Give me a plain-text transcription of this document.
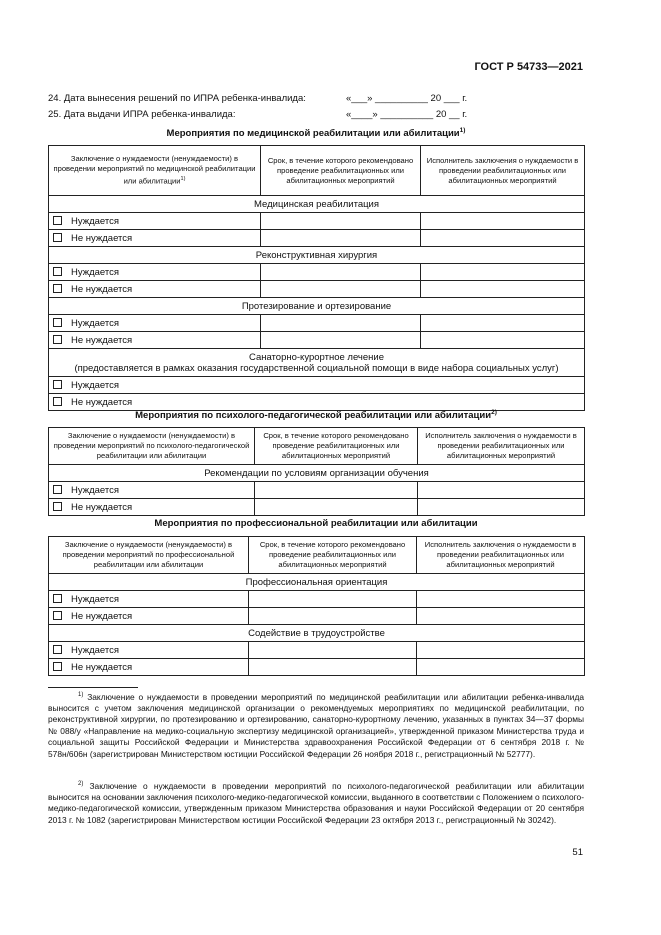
ГОСТ Р 54733—2021
24. Дата вынесения решений по ИПРА ребенка-инвалида:	«___» __________ 20 ___ г.
25. Дата выдачи ИПРА ребенка-инвалида:	«____» __________ 20 __ г.
Мероприятия по медицинской реабилитации или абилитации$^{1)}$
Заключение о нуждаемости (ненуждаемости) в проведении мероприятий по медицинской реабилитации или абилитации$^{1)}$	Срок, в течение которого рекомендовано проведение реабилитационных или абилитационных мероприятий	Исполнитель заключения о нуждаемости в проведении реабилитационных или абилитационных мероприятий
Медицинская реабилитация		
Нуждается		
Не нуждается		
Реконструктивная хирургия		
Нуждается		
Не нуждается		
Протезирование и ортезирование		
Нуждается		
Не нуждается		
Санаторно-курортное лечение
(предоставляется в рамках оказания государственной социальной помощи в виде набора социальных услуг)		
Нуждается		
Не нуждается		
Мероприятия по психолого-педагогической реабилитации или абилитации$^{2)}$
Заключение о нуждаемости (ненуждаемости) в проведении мероприятий по психолого-педагогической реабилитации или абилитации	Срок, в течение которого рекомендовано проведение реабилитационных или абилитационных мероприятий	Исполнитель заключения о нуждаемости в проведении реабилитационных или абилитационных мероприятий
Рекомендации по условиям организации обучения		
Нуждается		
Не нуждается		
Мероприятия по профессиональной реабилитации или абилитации
Заключение о нуждаемости (ненуждаемости) в проведении мероприятий по профессиональной реабилитации или абилитации	Срок, в течение которого рекомендовано проведение реабилитационных или абилитационных мероприятий	Исполнитель заключения о нуждаемости в проведении реабилитационных или абилитационных мероприятий
Профессиональная ориентация		
Нуждается		
Не нуждается		
Содействие в трудоустройстве		
Нуждается		
Не нуждается		
$^{1)}$ Заключение о нуждаемости в проведении мероприятий по медицинской реабилитации или абилитации ребенка-инвалида выносится с учетом заключения медицинской организации о рекомендуемых мероприятиях по медицинской реабилитации, по реконструктивной хирургии, по протезированию и ортезированию, санаторно-курортному лечению, указанных в пунктах 34—37 формы № 088/у «Направление на медико-социальную экспертизу медицинской организацией», утвержденной приказом Министерства труда и социальной защиты Российской Федерации и Министерства здравоохранения Российской Федерации от 6 сентября 2018 г. № 578н/606н (зарегистрирован Министерством юстиции Российской Федерации 26 ноября 2018 г., регистрационный № 52777).
$^{2)}$ Заключение о нуждаемости в проведении мероприятий по психолого-педагогической реабилитации или абилитации выносится на основании заключения психолого-медико-педагогической комиссии, выданного в соответствии с Положением о психолого-медико-педагогической комиссии, утвержденным приказом Министерства образования и науки Российской Федерации от 20 сентября 2013 г. № 1082 (зарегистрирован Министерством юстиции Российской Федерации 23 октября 2013 г., регистрационный № 30242).
51
